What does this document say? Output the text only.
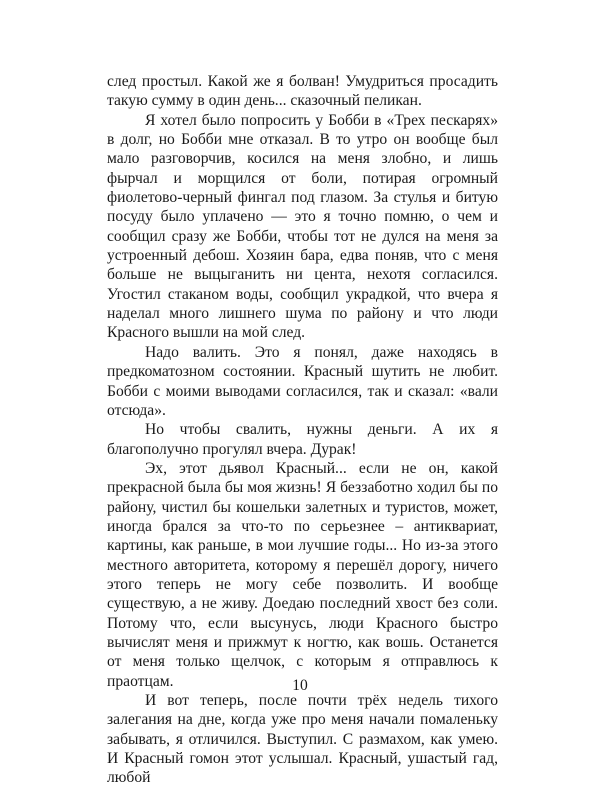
след простыл. Какой же я болван! Умудриться просадить такую сумму в один день... сказочный пеликан.

Я хотел было попросить у Бобби в «Трех пескарях» в долг, но Бобби мне отказал. В то утро он вообще был мало разговорчив, косился на меня злобно, и лишь фырчал и морщился от боли, потирая огромный фиолетово-черный фингал под глазом. За стулья и битую посуду было уплачено — это я точно помню, о чем и сообщил сразу же Бобби, чтобы тот не дулся на меня за устроенный дебош. Хозяин бара, едва поняв, что с меня больше не выцыганить ни цента, нехотя согласился. Угостил стаканом воды, сообщил украдкой, что вчера я наделал много лишнего шума по району и что люди Красного вышли на мой след.

Надо валить. Это я понял, даже находясь в предкоматозном состоянии. Красный шутить не любит. Бобби с моими выводами согласился, так и сказал: «вали отсюда».

Но чтобы свалить, нужны деньги. А их я благополучно прогулял вчера. Дурак!

Эх, этот дьявол Красный... если не он, какой прекрасной была бы моя жизнь! Я беззаботно ходил бы по району, чистил бы кошельки залетных и туристов, может, иногда брался за что-то по серьезнее – антиквариат, картины, как раньше, в мои лучшие годы... Но из-за этого местного авторитета, которому я перешёл дорогу, ничего этого теперь не могу себе позволить. И вообще существую, а не живу. Доедаю последний хвост без соли. Потому что, если высунусь, люди Красного быстро вычислят меня и прижмут к ногтю, как вошь. Останется от меня только щелчок, с которым я отправлюсь к праотцам.

И вот теперь, после почти трёх недель тихого залегания на дне, когда уже про меня начали помаленьку забывать, я отличился. Выступил. С размахом, как умею. И Красный гомон этот услышал. Красный, ушастый гад, любой

10
